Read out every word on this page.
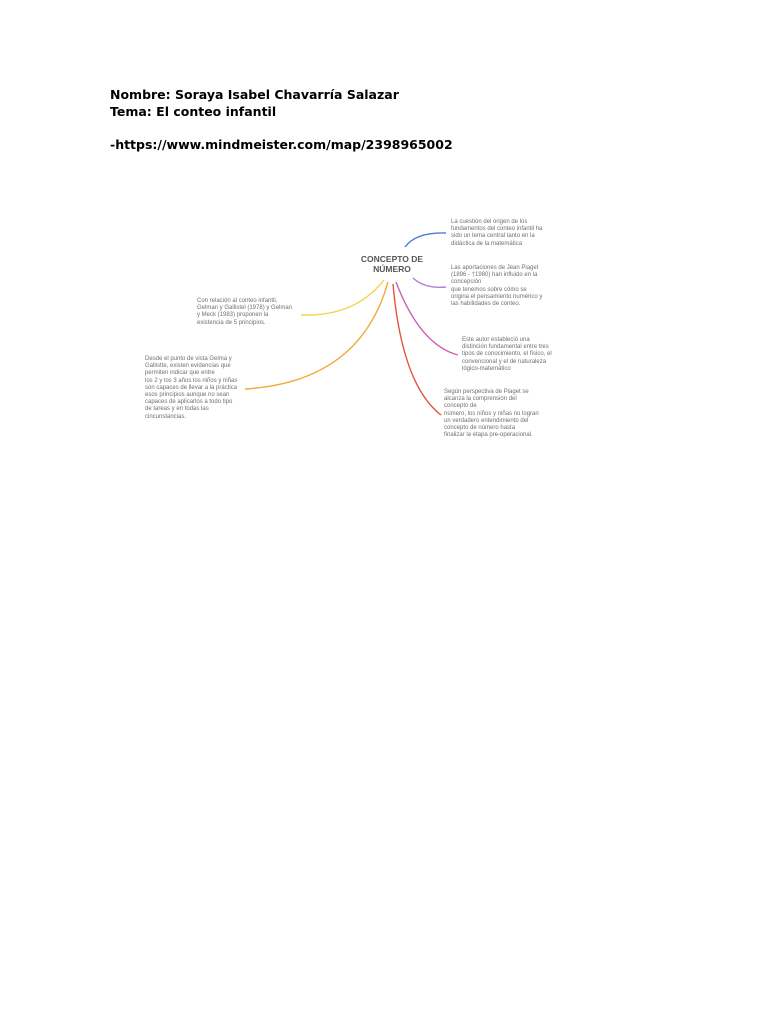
Nombre: Soraya Isabel Chavarría Salazar
Tema: El conteo infantil
-https://www.mindmeister.com/map/2398965002
CONCEPTO DE
NÚMERO
La cuestión del origen de los
fundamentos del conteo infantil ha
sido un tema central tanto en la
didáctica de la matemática
Las aportaciones de Jean Piaget
(1896 - †1980) han influido en la
concepción
que tenemos sobre cómo se
origina el pensamiento numérico y
las habilidades de conteo.
Este autor estableció una
distinción fundamental entre tres
tipos de conocimiento, el físico, el
convencional y el de naturaleza
lógico-matemático
Según perspectiva de Piaget se
alcanza la comprensión del
concepto de
número, los niños y niñas no logran
un verdadero entendimiento del
concepto de número hasta
finalizar la etapa pre-operacional.
Con relación al conteo infantil,
Gelman y Gallistel (1978) y Gelman
y Meck (1983) proponen la
existencia de 5 principios.
Desde el punto de vista Gelma y
Gallistte, existen evidencias que
permiten indicar que entre
los 2 y los 3 años los niños y niñas
son capaces de llevar a la práctica
esos principios aunque no sean
capaces de aplicarlos a todo tipo
de tareas y en todas las
cincunstancias.
